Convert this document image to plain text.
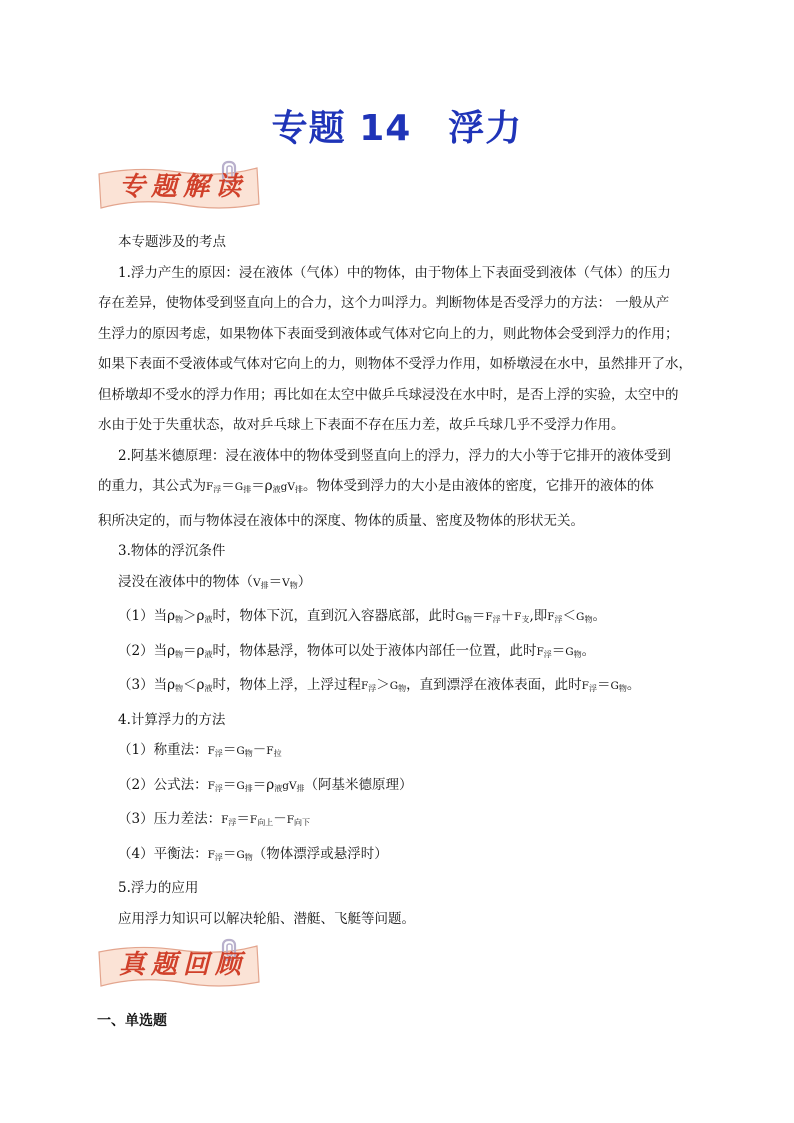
专题 14　浮力
专题解读

本专题涉及的考点

1.浮力产生的原因：浸在液体（气体）中的物体，由于物体上下表面受到液体（气体）的压力

存在差异，使物体受到竖直向上的合力，这个力叫浮力。判断物体是否受浮力的方法： 一般从产

生浮力的原因考虑，如果物体下表面受到液体或气体对它向上的力，则此物体会受到浮力的作用；

如果下表面不受液体或气体对它向上的力，则物体不受浮力作用，如桥墩浸在水中，虽然排开了水，

但桥墩却不受水的浮力作用；再比如在太空中做乒乓球浸没在水中时，是否上浮的实验，太空中的

水由于处于失重状态，故对乒乓球上下表面不存在压力差，故乒乓球几乎不受浮力作用。

2.阿基米德原理：浸在液体中的物体受到竖直向上的浮力，浮力的大小等于它排开的液体受到

的重力，其公式为$F_浮=G_排=\rho_液gV_排$。物体受到浮力的大小是由液体的密度，它排开的液体的体

积所决定的，而与物体浸在液体中的深度、物体的质量、密度及物体的形状无关。

3.物体的浮沉条件

浸没在液体中的物体$(V_排=V_物)$

（1）当$\rho_物>\rho_液$时，物体下沉，直到沉入容器底部，此时$G_物=F_浮+F_支$,即$F_浮<G_物$。

（2）当$\rho_物=\rho_液$时，物体悬浮，物体可以处于液体内部任一位置，此时$F_浮=G_物$。

（3）当$\rho_物<\rho_液$时，物体上浮，上浮过程$F_浮>G_物$，直到漂浮在液体表面，此时$F_浮=G_物$。

4.计算浮力的方法

（1）称重法：$F_浮=G_物-F_拉$

（2）公式法：$F_浮=G_排=\rho_液gV_排$（阿基米德原理）

（3）压力差法：$F_浮=F_{向上}-F_{向下}$

（4）平衡法：$F_浮=G_物$（物体漂浮或悬浮时）

5.浮力的应用

应用浮力知识可以解决轮船、潜艇、飞艇等问题。

真题回顾
一、单选题
